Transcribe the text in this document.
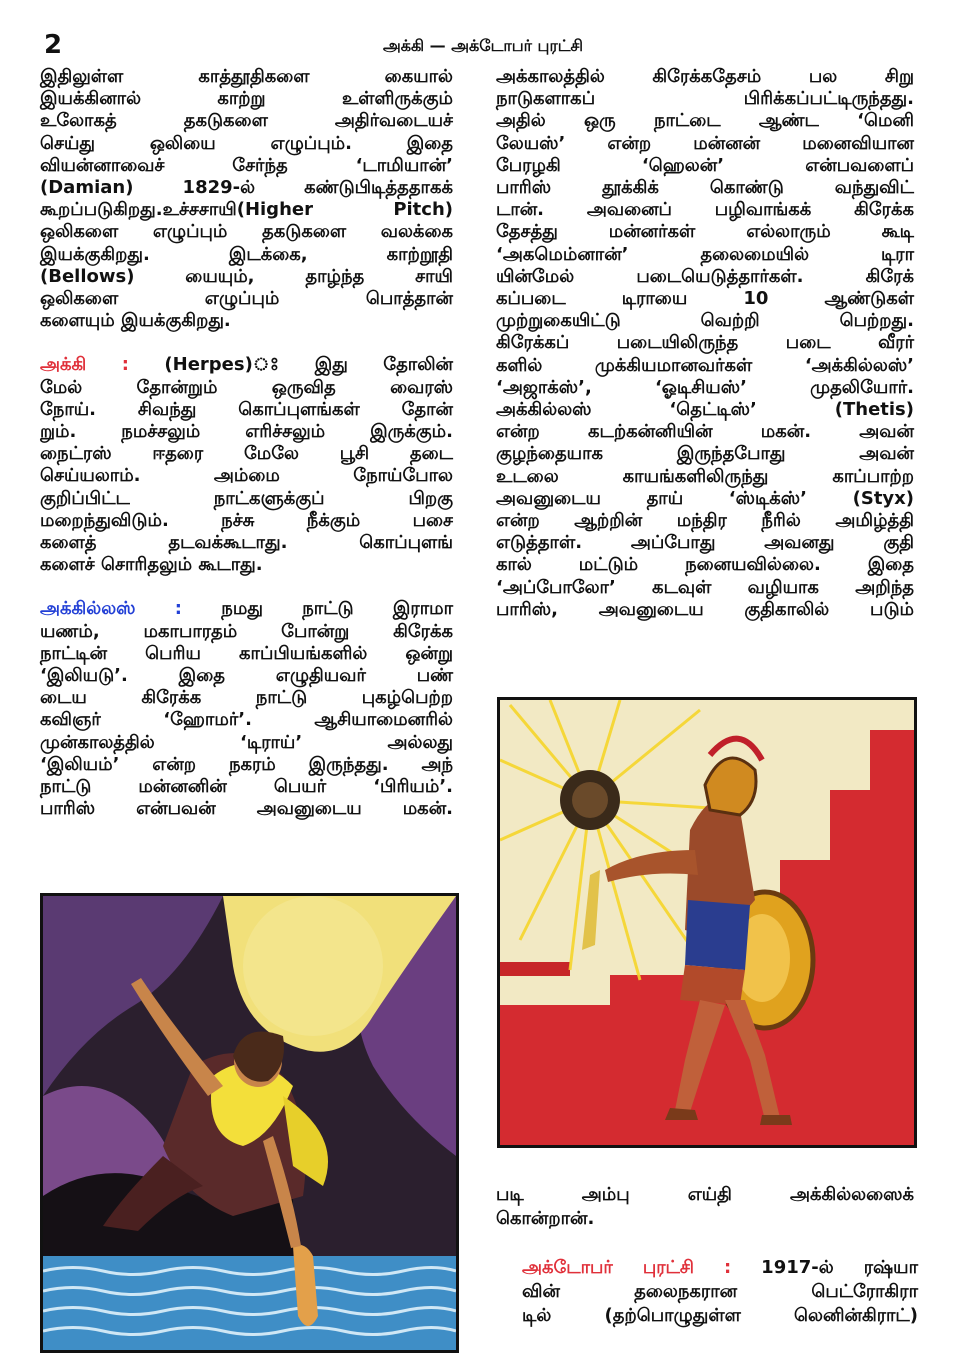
2	அக்கி — அக்டோபர் புரட்சி

இதிலுள்ள காத்தூதிகளை கையால்

இயக்கினால் காற்று உள்ளிருக்கும்

உலோகத் தகடுகளை அதிர்வடையச்

செய்து ஒலியை எழுப்பும். இதை

வியன்னாவைச் சேர்ந்த ‘டாமியான்’

(Damian) 1829-ல் கண்டுபிடித்ததாகக்

கூறப்படுகிறது.உச்சசாயி(Higher Pitch)

ஒலிகளை எழுப்பும் தகடுகளை வலக்கை

இயக்குகிறது. இடக்கை, காற்றூதி

(Bellows) யையும், தாழ்ந்த சாயி

ஒலிகளை எழுப்பும் பொத்தான்

களையும் இயக்குகிறது.

அக்கி : (Herpes)ঃ இது தோலின்

மேல் தோன்றும் ஒருவித வைரஸ்

நோய். சிவந்து கொப்புளங்கள் தோன்

றும். நமச்சலும் எரிச்சலும் இருக்கும்.

நைட்ரஸ் ஈதரை மேலே பூசி தடை

செய்யலாம். அம்மை நோய்போல

குறிப்பிட்ட நாட்களுக்குப் பிறகு

மறைந்துவிடும். நச்சு நீக்கும் பசை

களைத் தடவக்கூடாது. கொப்புளங்

களைச் சொரிதலும் கூடாது.

அக்கில்லஸ் : நமது நாட்டு இராமா

யணம், மகாபாரதம் போன்று கிரேக்க

நாட்டின் பெரிய காப்பியங்களில் ஒன்று

‘இலியடு’. இதை எழுதியவர் பண்

டைய கிரேக்க நாட்டு புகழ்பெற்ற

கவிஞர் ‘ஹோமர்’. ஆசியாமைனரில்

முன்காலத்தில் ‘டிராய்’ அல்லது

‘இலியம்’ என்ற நகரம் இருந்தது. அந்

நாட்டு மன்னனின் பெயர் ‘பிரியம்’.

பாரிஸ் என்பவன் அவனுடைய மகன்.

அக்காலத்தில் கிரேக்கதேசம் பல சிறு

நாடுகளாகப் பிரிக்கப்பட்டிருந்தது.

அதில் ஒரு நாட்டை ஆண்ட ‘மெனி

லேயஸ்’ என்ற மன்னன் மனைவியான

பேரழகி ‘ஹெலன்’ என்பவளைப்

பாரிஸ் தூக்கிக் கொண்டு வந்துவிட்

டான். அவனைப் பழிவாங்கக் கிரேக்க

தேசத்து மன்னர்கள் எல்லாரும் கூடி

‘அகமெம்னான்’ தலைமையில் டிரா

யின்மேல் படையெடுத்தார்கள். கிரேக்

கப்படை டிராயை 10 ஆண்டுகள்

முற்றுகையிட்டு வெற்றி பெற்றது.

கிரேக்கப் படையிலிருந்த படை வீரர்

களில் முக்கியமானவர்கள் ‘அக்கில்லஸ்’

‘அஜாக்ஸ்’, ‘ஓடிசியஸ்’ முதலியோர்.

அக்கில்லஸ் ‘தெட்டிஸ்’ (Thetis)

என்ற கடற்கன்னியின் மகன். அவன்

குழந்தையாக இருந்தபோது அவன்

உடலை காயங்களிலிருந்து காப்பாற்ற

அவனுடைய தாய் ‘ஸ்டிக்ஸ்’ (Styx)

என்ற ஆற்றின் மந்திர நீரில் அமிழ்த்தி

எடுத்தாள். அப்போது அவனது குதி

கால் மட்டும் நனையவில்லை. இதை

‘அப்போலோ’ கடவுள் வழியாக அறிந்த

பாரிஸ், அவனுடைய குதிகாலில் படும்

படி அம்பு எய்தி அக்கில்லஸைக்

கொன்றான்.

அக்டோபர் புரட்சி : 1917-ல் ரஷ்யா

வின் தலைநகரான பெட்ரோகிரா

டில் (தற்பொழுதுள்ள லெனின்கிராட்)
